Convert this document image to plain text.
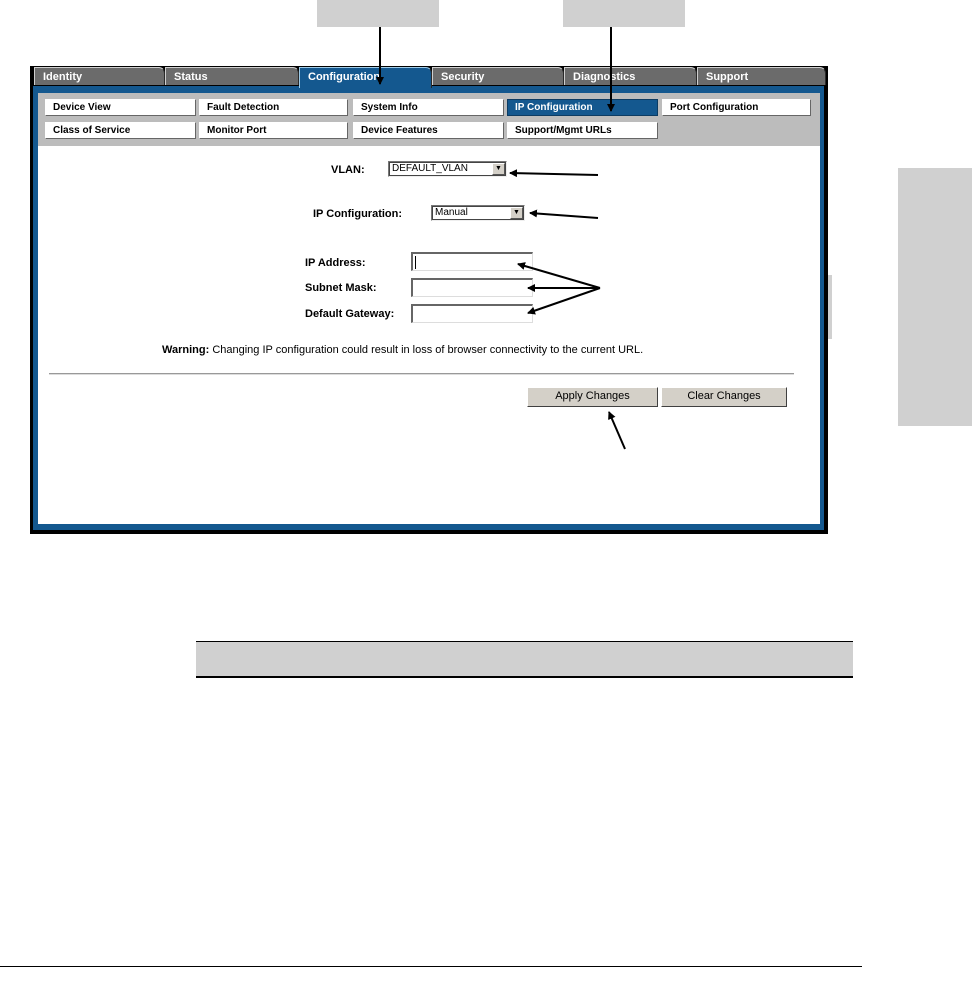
Identity	Status	Security	Diagnostics	Support
Configuration
Device View	Fault Detection	System Info	IP Configuration	Port Configuration
Class of Service	Monitor Port	Device Features	Support/Mgmt URLs
VLAN:	DEFAULT_VLAN	▼
IP Configuration:	Manual	▼
IP Address:
Subnet Mask:
Default Gateway:
Warning: Changing IP configuration could result in loss of browser connectivity to the current URL.
Apply Changes	Clear Changes
